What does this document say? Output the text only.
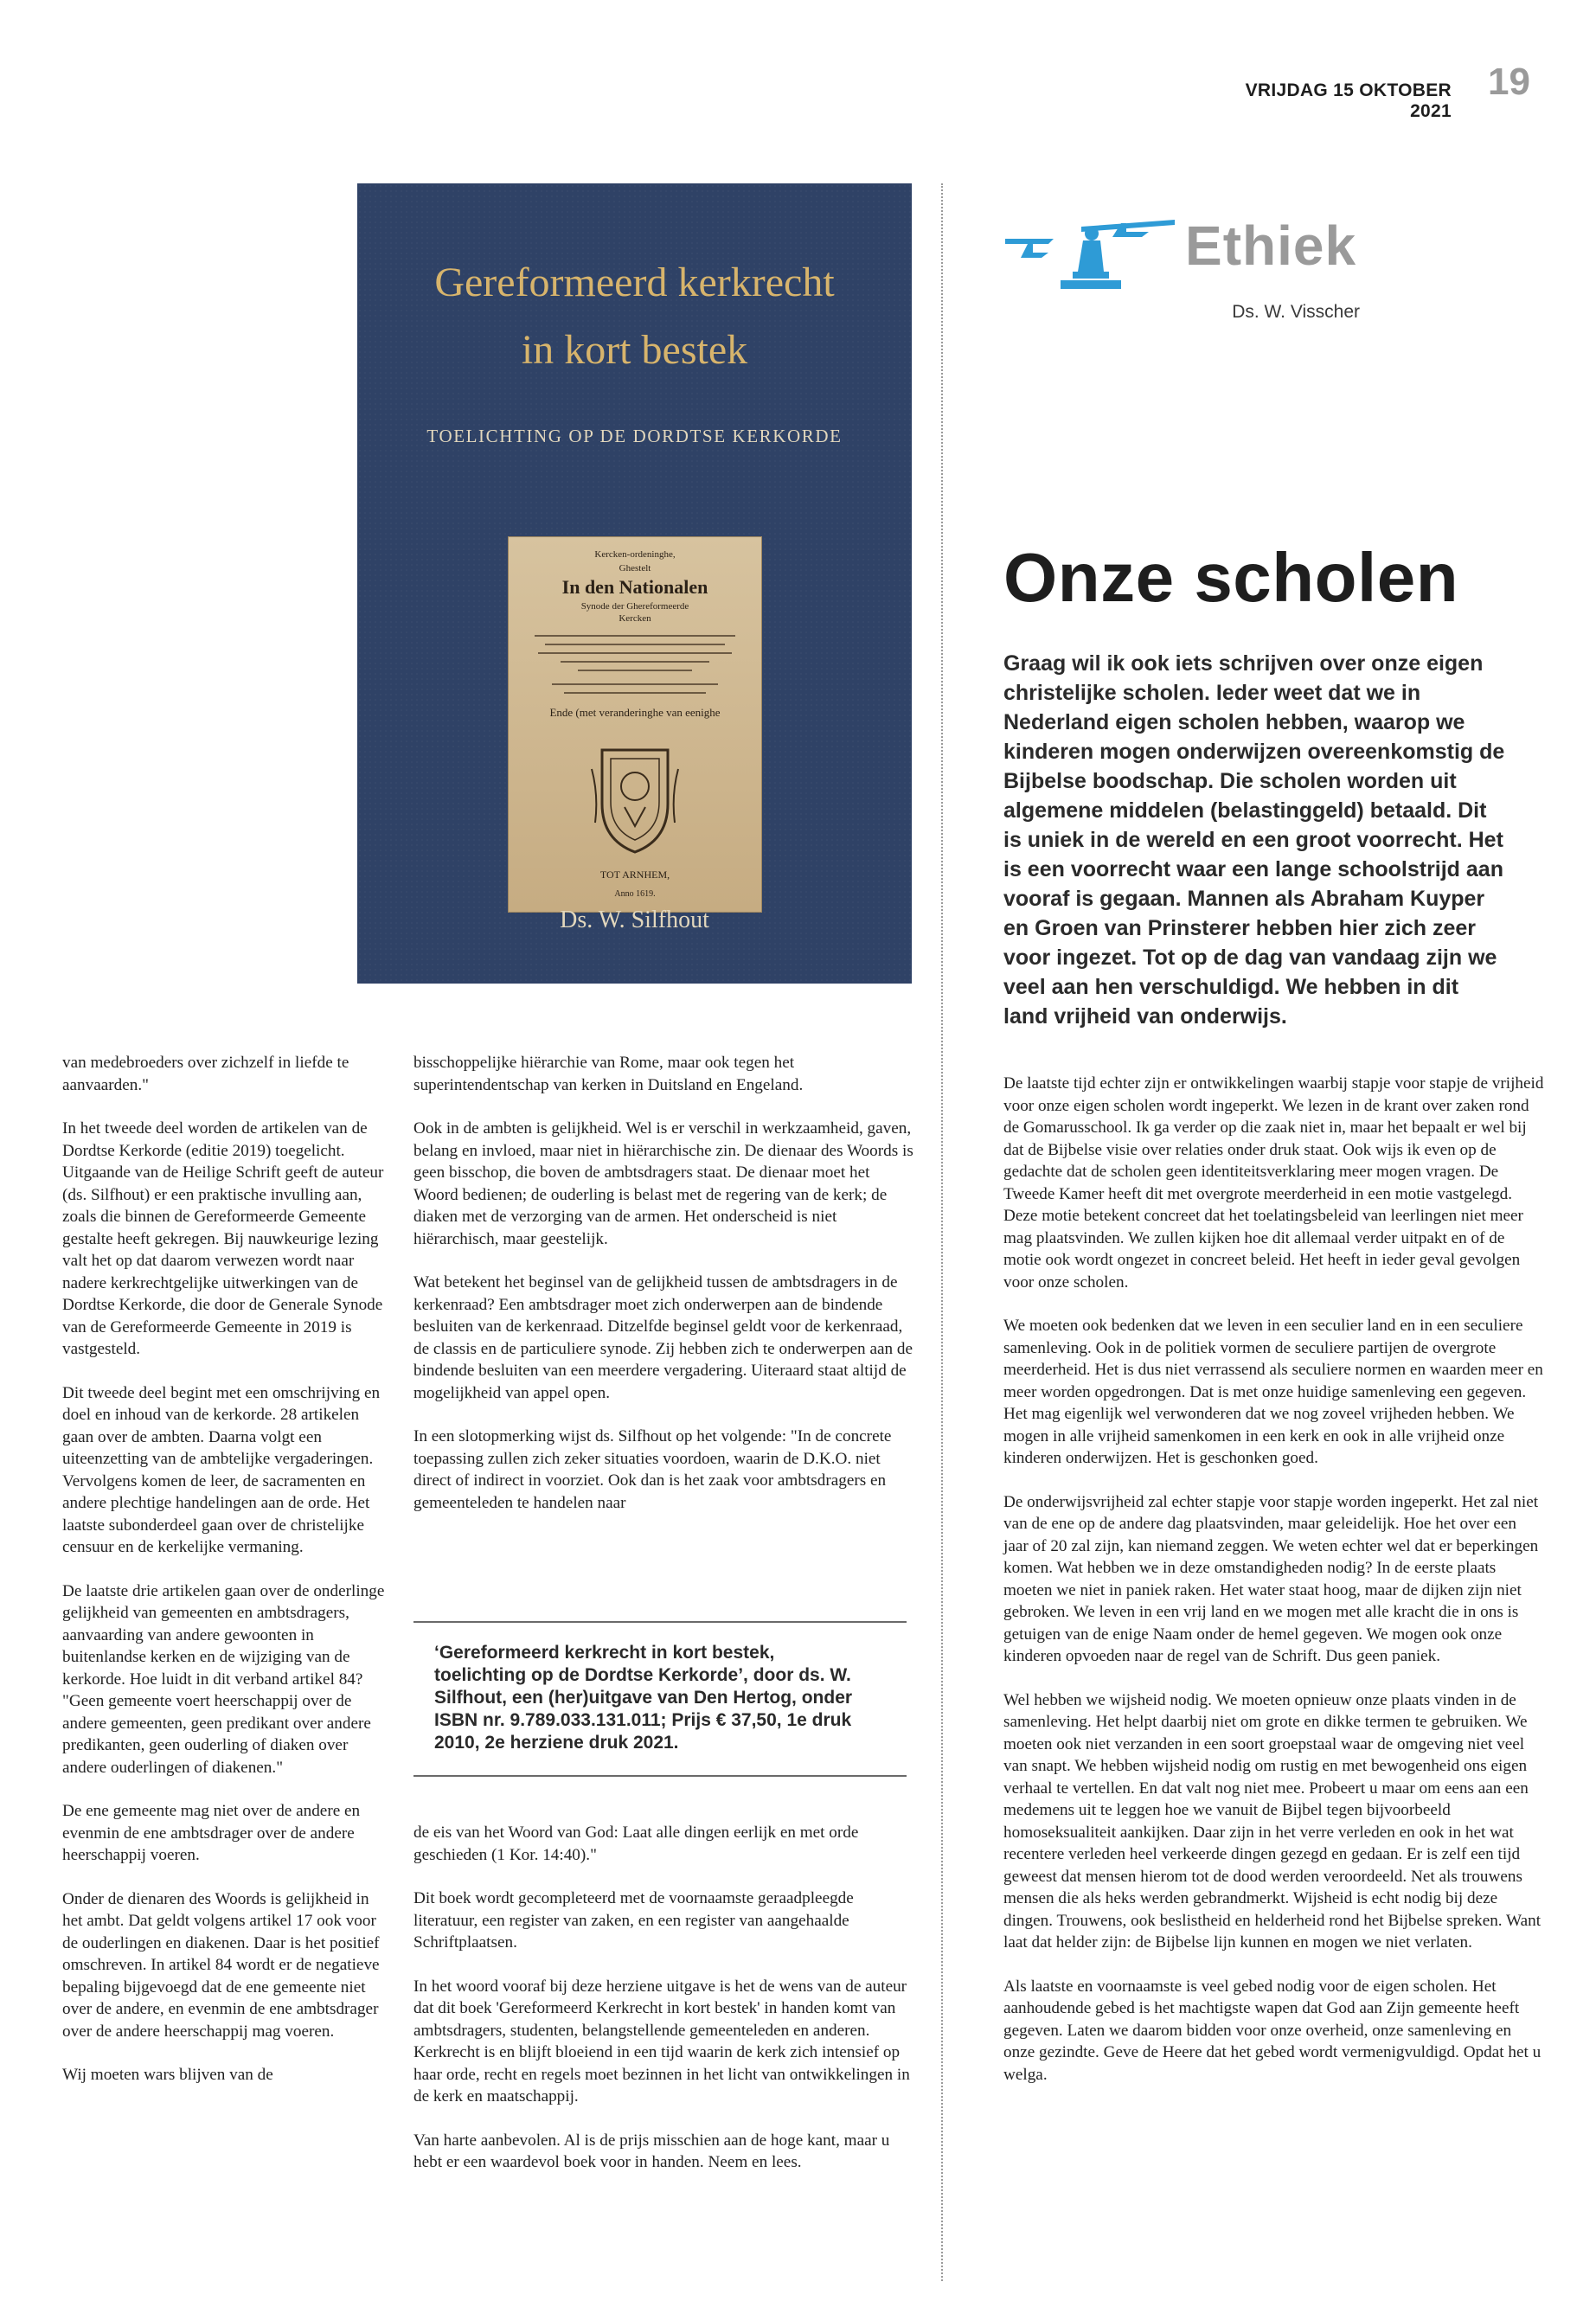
VRIJDAG 15 OKTOBER 2021
19
Gereformeerd kerkrecht
in kort bestek
TOELICHTING OP DE DORDTSE KERKORDE
Kercken-ordeninghe,
Ghestelt
In den Nationalen
Synode der Ghereformeerde
Kercken
Ende (met veranderinghe van eenighe
TOT ARNHEM,
Anno 1619.
Ds. W. Silfhout
Ethiek
Ds. W. Visscher
Onze scholen
Graag wil ik ook iets schrijven over onze eigen christelijke scholen. Ieder weet dat we in Nederland eigen scholen hebben, waarop we kinderen mogen onderwijzen overeenkomstig de Bijbelse boodschap. Die scholen worden uit algemene middelen (belastinggeld) betaald. Dit is uniek in de wereld en een groot voorrecht. Het is een voorrecht waar een lange schoolstrijd aan vooraf is gegaan. Mannen als Abraham Kuyper en Groen van Prinsterer hebben hier zich zeer voor ingezet. Tot op de dag van vandaag zijn we veel aan hen verschuldigd. We hebben in dit land vrijheid van onderwijs.

van medebroeders over zichzelf in liefde te aanvaarden."

In het tweede deel worden de artikelen van de Dordtse Kerkorde (editie 2019) toegelicht. Uitgaande van de Heilige Schrift geeft de auteur (ds. Silfhout) er een praktische invulling aan, zoals die binnen de Gereformeerde Gemeente gestalte heeft gekregen. Bij nauwkeurige lezing valt het op dat daarom verwezen wordt naar nadere kerkrechtgelijke uitwerkingen van de Dordtse Kerkorde, die door de Generale Synode van de Gereformeerde Gemeente in 2019 is vastgesteld.

Dit tweede deel begint met een omschrijving en doel en inhoud van de kerkorde. 28 artikelen gaan over de ambten. Daarna volgt een uiteenzetting van de ambtelijke vergaderingen. Vervolgens komen de leer, de sacramenten en andere plechtige handelingen aan de orde. Het laatste subonderdeel gaan over de christelijke censuur en de kerkelijke vermaning.

De laatste drie artikelen gaan over de onderlinge gelijkheid van gemeenten en ambtsdragers, aanvaarding van andere gewoonten in buitenlandse kerken en de wijziging van de kerkorde. Hoe luidt in dit verband artikel 84? "Geen gemeente voert heerschappij over de andere gemeenten, geen predikant over andere predikanten, geen ouderling of diaken over andere ouderlingen of diakenen."

De ene gemeente mag niet over de andere en evenmin de ene ambtsdrager over de andere heerschappij voeren.

Onder de dienaren des Woords is gelijkheid in het ambt. Dat geldt volgens artikel 17 ook voor de ouderlingen en diakenen. Daar is het positief omschreven. In artikel 84 wordt er de negatieve bepaling bijgevoegd dat de ene gemeente niet over de andere, en evenmin de ene ambtsdrager over de andere heerschappij mag voeren.

Wij moeten wars blijven van de

bisschoppelijke hiërarchie van Rome, maar ook tegen het superintendentschap van kerken in Duitsland en Engeland.

Ook in de ambten is gelijkheid. Wel is er verschil in werkzaamheid, gaven, belang en invloed, maar niet in hiërarchische zin. De dienaar des Woords is geen bisschop, die boven de ambtsdragers staat. De dienaar moet het Woord bedienen; de ouderling is belast met de regering van de kerk; de diaken met de verzorging van de armen. Het onderscheid is niet hiërarchisch, maar geestelijk.

Wat betekent het beginsel van de gelijkheid tussen de ambtsdragers in de kerkenraad? Een ambtsdrager moet zich onderwerpen aan de bindende besluiten van de kerkenraad. Ditzelfde beginsel geldt voor de kerkenraad, de classis en de particuliere synode. Zij hebben zich te onderwerpen aan de bindende besluiten van een meerdere vergadering. Uiteraard staat altijd de mogelijkheid van appel open.

In een slotopmerking wijst ds. Silfhout op het volgende: "In de concrete toepassing zullen zich zeker situaties voordoen, waarin de D.K.O. niet direct of indirect in voorziet. Ook dan is het zaak voor ambtsdragers en gemeenteleden te handelen naar

‘Gereformeerd kerkrecht in kort bestek, toelichting op de Dordtse Kerkorde’, door ds. W. Silfhout, een (her)uitgave van Den Hertog, onder ISBN nr. 9.789.033.131.011; Prijs € 37,50, 1e druk 2010, 2e herziene druk 2021.

de eis van het Woord van God: Laat alle dingen eerlijk en met orde geschieden (1 Kor. 14:40)."

Dit boek wordt gecompleteerd met de voornaamste geraadpleegde literatuur, een register van zaken, en een register van aangehaalde Schriftplaatsen.

In het woord vooraf bij deze herziene uitgave is het de wens van de auteur dat dit boek 'Gereformeerd Kerkrecht in kort bestek' in handen komt van ambtsdragers, studenten, belangstellende gemeenteleden en anderen. Kerkrecht is en blijft bloeiend in een tijd waarin de kerk zich intensief op haar orde, recht en regels moet bezinnen in het licht van ontwikkelingen in de kerk en maatschappij.

Van harte aanbevolen. Al is de prijs misschien aan de hoge kant, maar u hebt er een waardevol boek voor in handen. Neem en lees.

De laatste tijd echter zijn er ontwikkelingen waarbij stapje voor stapje de vrijheid voor onze eigen scholen wordt ingeperkt. We lezen in de krant over zaken rond de Gomarusschool. Ik ga verder op die zaak niet in, maar het bepaalt er wel bij dat de Bijbelse visie over relaties onder druk staat. Ook wijs ik even op de gedachte dat de scholen geen identiteitsverklaring meer mogen vragen. De Tweede Kamer heeft dit met overgrote meerderheid in een motie vastgelegd. Deze motie betekent concreet dat het toelatingsbeleid van leerlingen niet meer mag plaatsvinden. We zullen kijken hoe dit allemaal verder uitpakt en of de motie ook wordt ongezet in concreet beleid. Het heeft in ieder geval gevolgen voor onze scholen.

We moeten ook bedenken dat we leven in een seculier land en in een seculiere samenleving. Ook in de politiek vormen de seculiere partijen de overgrote meerderheid. Het is dus niet verrassend als seculiere normen en waarden meer en meer worden opgedrongen. Dat is met onze huidige samenleving een gegeven. Het mag eigenlijk wel verwonderen dat we nog zoveel vrijheden hebben. We mogen in alle vrijheid samenkomen in een kerk en ook in alle vrijheid onze kinderen onderwijzen. Het is geschonken goed.

De onderwijsvrijheid zal echter stapje voor stapje worden ingeperkt. Het zal niet van de ene op de andere dag plaatsvinden, maar geleidelijk. Hoe het over een jaar of 20 zal zijn, kan niemand zeggen. We weten echter wel dat er beperkingen komen. Wat hebben we in deze omstandigheden nodig? In de eerste plaats moeten we niet in paniek raken. Het water staat hoog, maar de dijken zijn niet gebroken. We leven in een vrij land en we mogen met alle kracht die in ons is getuigen van de enige Naam onder de hemel gegeven. We mogen ook onze kinderen opvoeden naar de regel van de Schrift. Dus geen paniek.

Wel hebben we wijsheid nodig. We moeten opnieuw onze plaats vinden in de samenleving. Het helpt daarbij niet om grote en dikke termen te gebruiken. We moeten ook niet verzanden in een soort groepstaal waar de omgeving niet veel van snapt. We hebben wijsheid nodig om rustig en met bewogenheid ons eigen verhaal te vertellen. En dat valt nog niet mee. Probeert u maar om eens aan een medemens uit te leggen hoe we vanuit de Bijbel tegen bijvoorbeeld homoseksualiteit aankijken. Daar zijn in het verre verleden en ook in het wat recentere verleden heel verkeerde dingen gezegd en gedaan. Er is zelf een tijd geweest dat mensen hierom tot de dood werden veroordeeld. Net als trouwens mensen die als heks werden gebrandmerkt. Wijsheid is echt nodig bij deze dingen. Trouwens, ook beslistheid en helderheid rond het Bijbelse spreken. Want laat dat helder zijn: de Bijbelse lijn kunnen en mogen we niet verlaten.

Als laatste en voornaamste is veel gebed nodig voor de eigen scholen. Het aanhoudende gebed is het machtigste wapen dat God aan Zijn gemeente heeft gegeven. Laten we daarom bidden voor onze overheid, onze samenleving en onze gezindte. Geve de Heere dat het gebed wordt vermenigvuldigd. Opdat het u welga.
